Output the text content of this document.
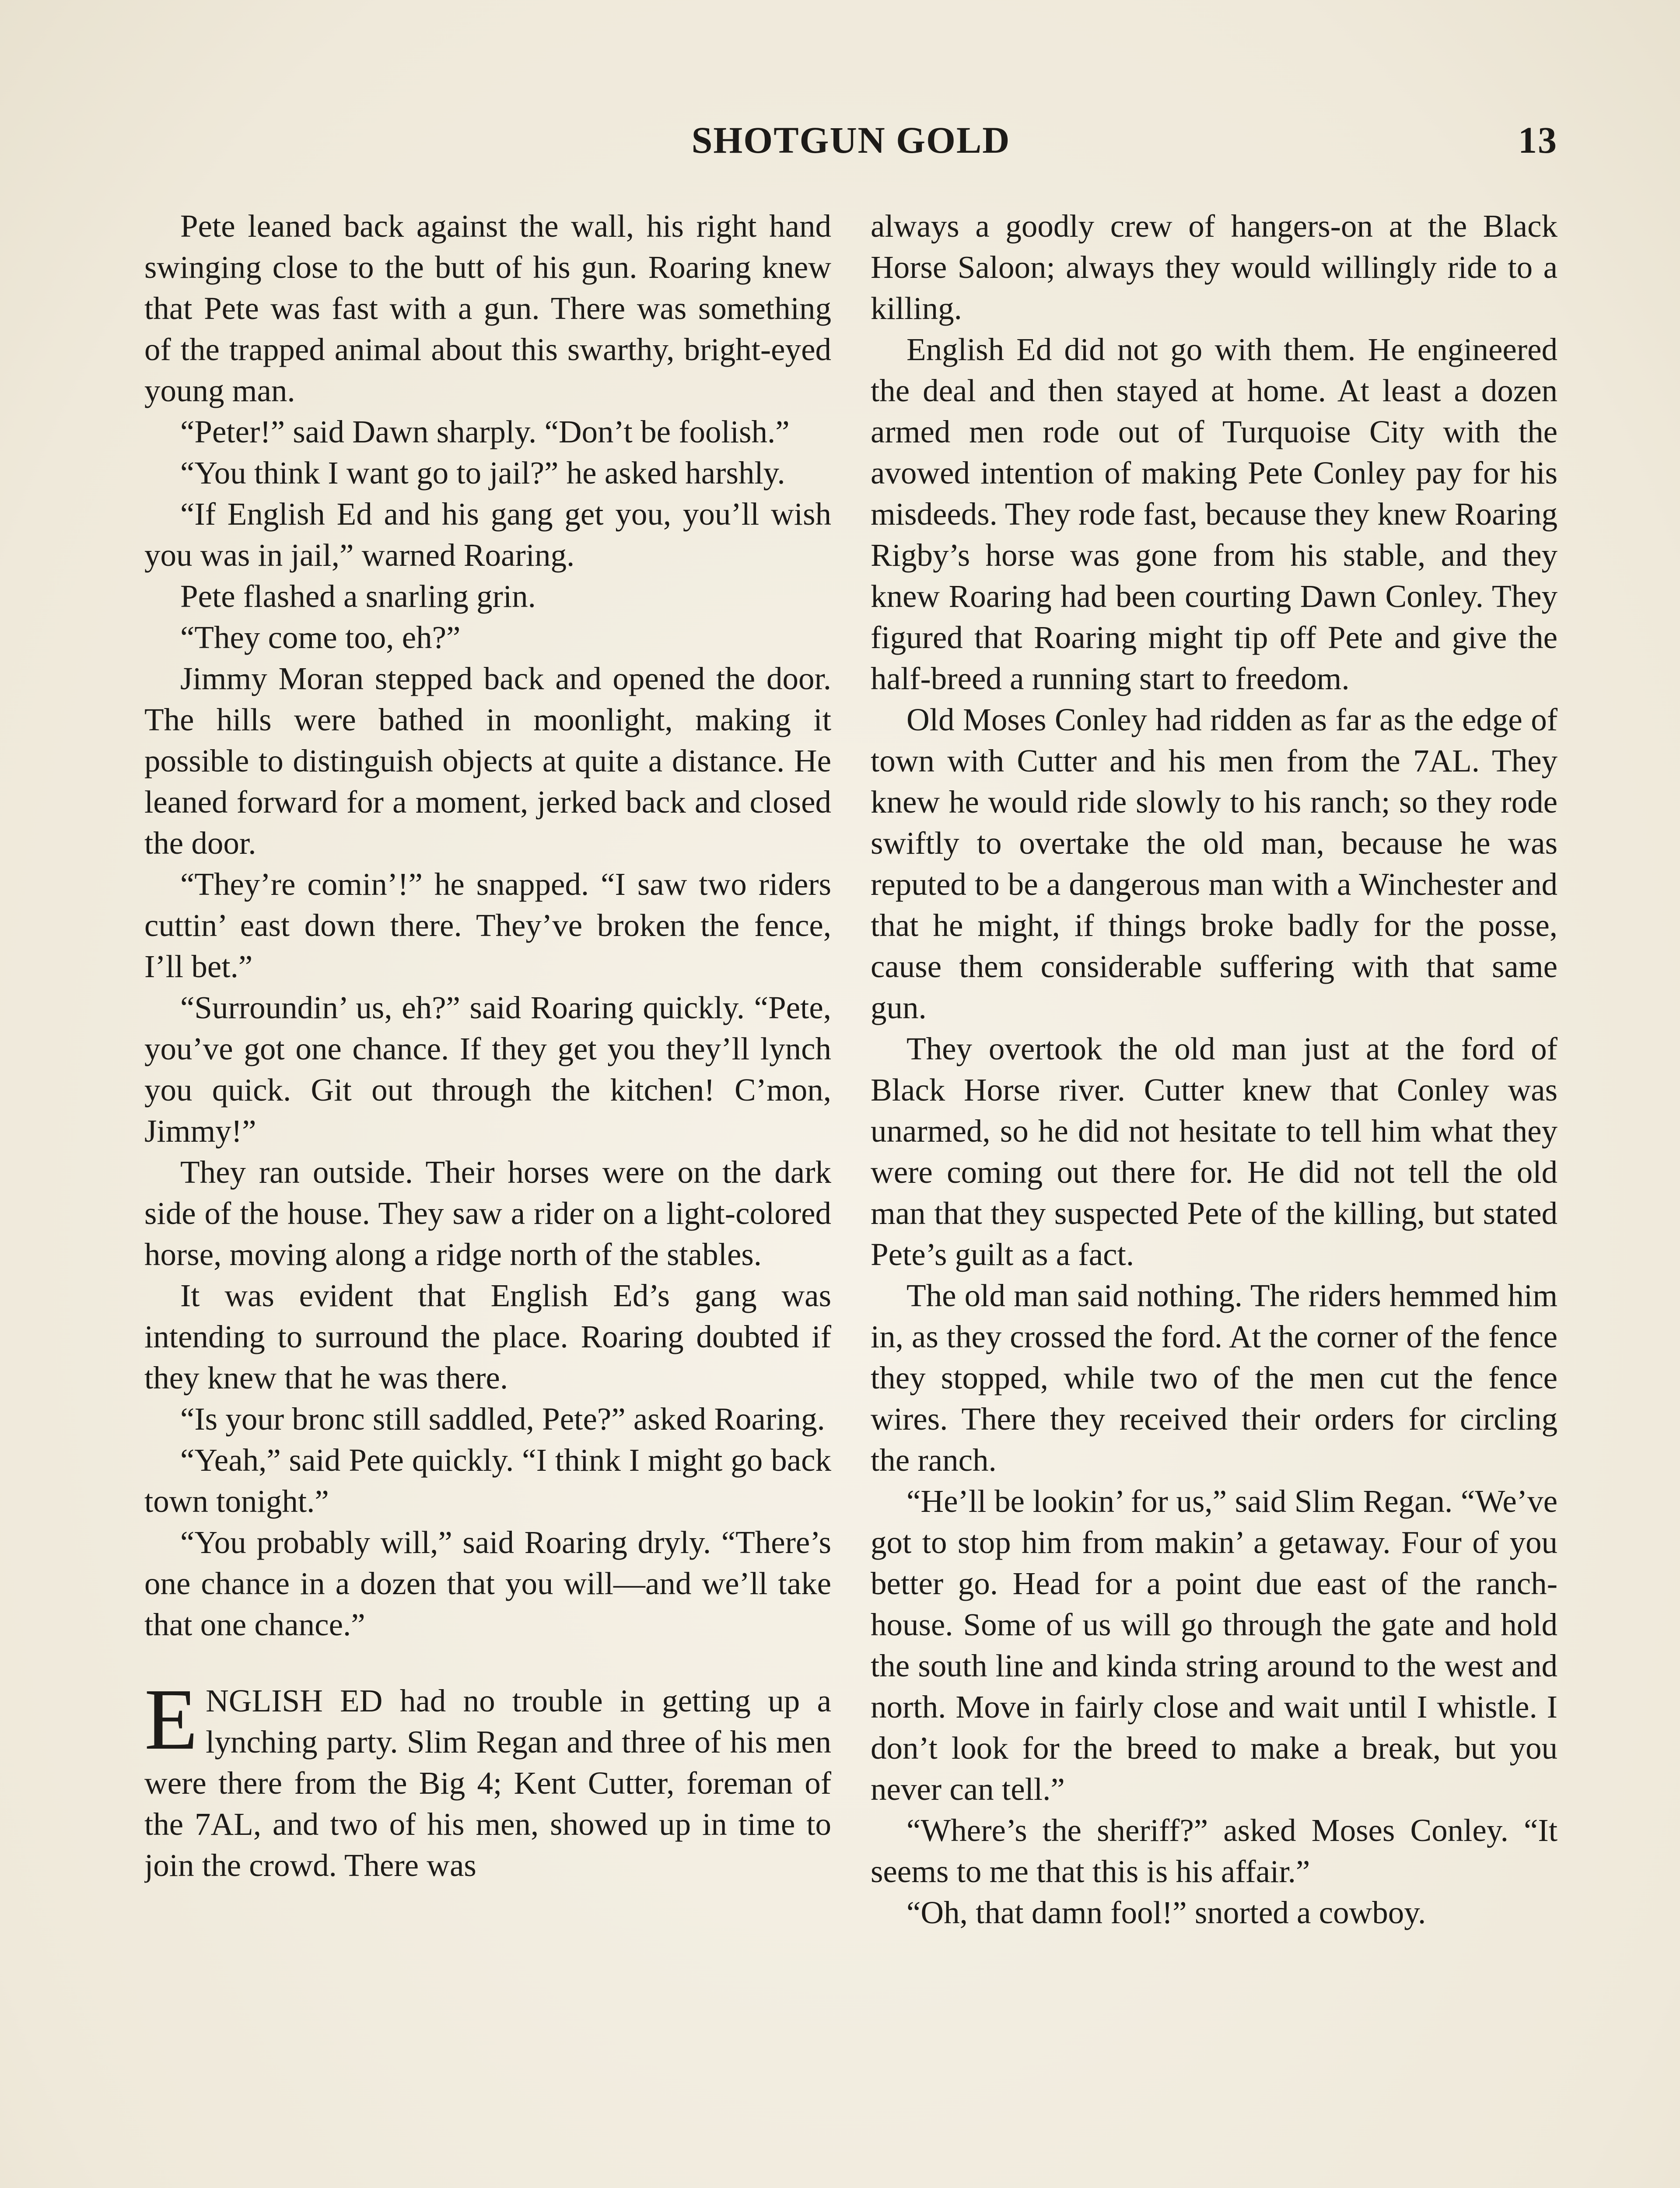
SHOTGUN GOLD	13

Pete leaned back against the wall, his right hand swinging close to the butt of his gun. Roaring knew that Pete was fast with a gun. There was something of the trapped animal about this swarthy, bright-eyed young man.

“Peter!” said Dawn sharply. “Don’t be foolish.”

“You think I want go to jail?” he asked harshly.

“If English Ed and his gang get you, you’ll wish you was in jail,” warned Roaring.

Pete flashed a snarling grin.

“They come too, eh?”

Jimmy Moran stepped back and opened the door. The hills were bathed in moonlight, making it possible to distinguish objects at quite a distance. He leaned forward for a moment, jerked back and closed the door.

“They’re comin’!” he snapped. “I saw two riders cuttin’ east down there. They’ve broken the fence, I’ll bet.”

“Surroundin’ us, eh?” said Roaring quickly. “Pete, you’ve got one chance. If they get you they’ll lynch you quick. Git out through the kitchen! C’mon, Jimmy!”

They ran outside. Their horses were on the dark side of the house. They saw a rider on a light-colored horse, moving along a ridge north of the stables.

It was evident that English Ed’s gang was intending to surround the place. Roaring doubted if they knew that he was there.

“Is your bronc still saddled, Pete?” asked Roaring.

“Yeah,” said Pete quickly. “I think I might go back town tonight.”

“You probably will,” said Roaring dryly. “There’s one chance in a dozen that you will—and we’ll take that one chance.”

ENGLISH ED had no trouble in getting up a lynching party. Slim Regan and three of his men were there from the Big 4; Kent Cutter, foreman of the 7AL, and two of his men, showed up in time to join the crowd. There was

always a goodly crew of hangers-on at the Black Horse Saloon; always they would willingly ride to a killing.

English Ed did not go with them. He engineered the deal and then stayed at home. At least a dozen armed men rode out of Turquoise City with the avowed intention of making Pete Conley pay for his misdeeds. They rode fast, because they knew Roaring Rigby’s horse was gone from his stable, and they knew Roaring had been courting Dawn Conley. They figured that Roaring might tip off Pete and give the half-breed a running start to freedom.

Old Moses Conley had ridden as far as the edge of town with Cutter and his men from the 7AL. They knew he would ride slowly to his ranch; so they rode swiftly to overtake the old man, because he was reputed to be a dangerous man with a Winchester and that he might, if things broke badly for the posse, cause them considerable suffering with that same gun.

They overtook the old man just at the ford of Black Horse river. Cutter knew that Conley was unarmed, so he did not hesitate to tell him what they were coming out there for. He did not tell the old man that they suspected Pete of the killing, but stated Pete’s guilt as a fact.

The old man said nothing. The riders hemmed him in, as they crossed the ford. At the corner of the fence they stopped, while two of the men cut the fence wires. There they received their orders for circling the ranch.

“He’ll be lookin’ for us,” said Slim Regan. “We’ve got to stop him from makin’ a getaway. Four of you better go. Head for a point due east of the ranchhouse. Some of us will go through the gate and hold the south line and kinda string around to the west and north. Move in fairly close and wait until I whistle. I don’t look for the breed to make a break, but you never can tell.”

“Where’s the sheriff?” asked Moses Conley. “It seems to me that this is his affair.”

“Oh, that damn fool!” snorted a cowboy.
